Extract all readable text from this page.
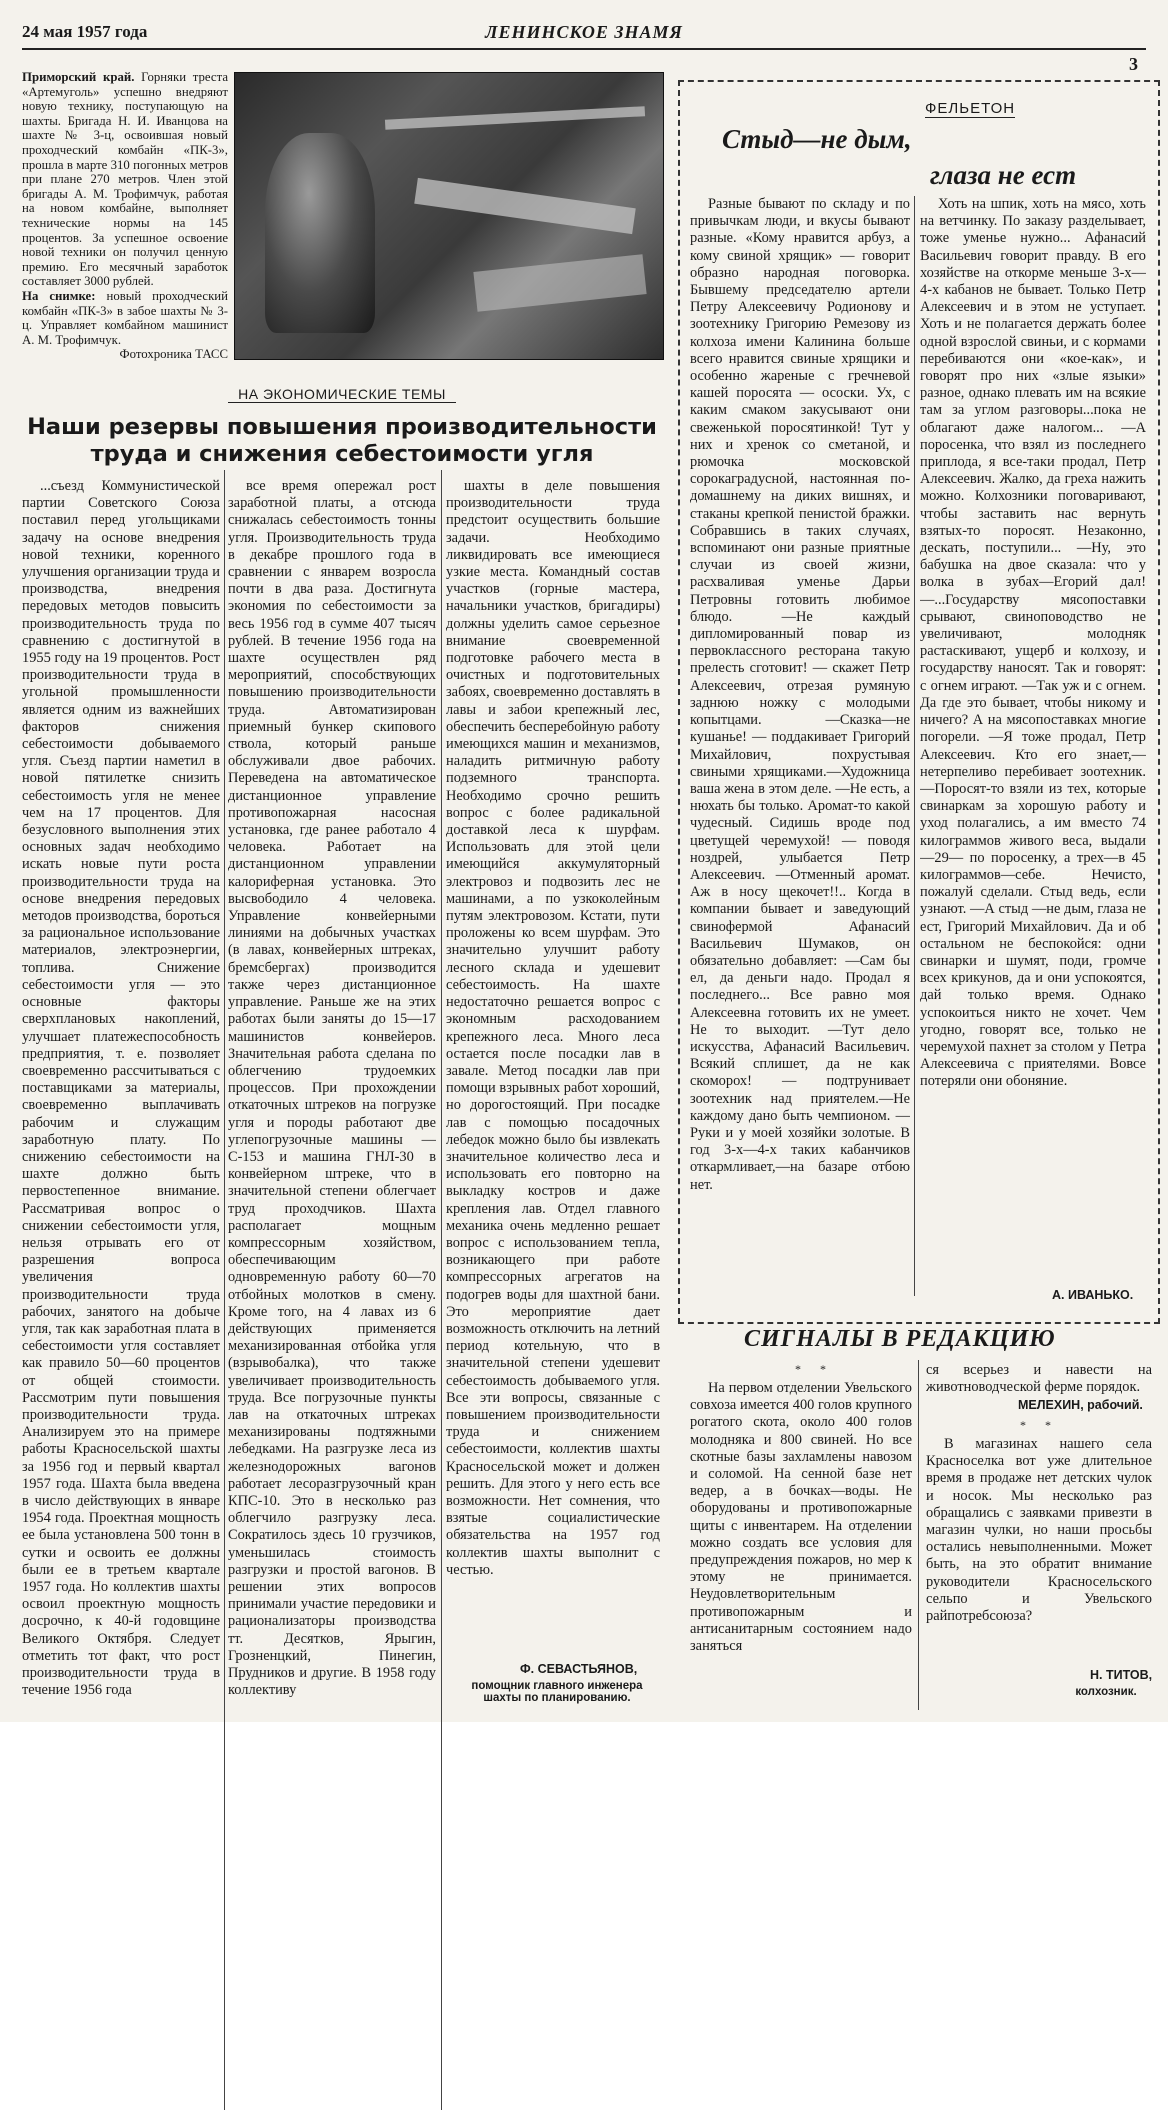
24 мая 1957 года	ЛЕНИНСКОЕ ЗНАМЯ
3
Приморский край. Горняки треста «Артемуголь» успешно внедряют новую технику, поступающую на шахты. Бригада Н. И. Иванцова на шахте № 3-ц, освоившая новый проходческий комбайн «ПК-3», прошла в марте 310 погонных метров при плане 270 метров. Член этой бригады А. М. Трофимчук, работая на новом комбайне, выполняет технические нормы на 145 процентов. За успешное освоение новой техники он получил ценную премию. Его месячный заработок составляет 3000 рублей.
На снимке: новый проходческий комбайн «ПК-3» в забое шахты № 3-ц. Управляет комбайном машинист А. М. Трофимчук.
Фотохроника ТАСС
НА ЭКОНОМИЧЕСКИЕ ТЕМЫ
Наши резервы повышения производительности
труда и снижения себестоимости угля

...съезд Коммунистической партии Советского Союза поставил перед угольщиками задачу на основе внедрения новой техники, коренного улучшения организации труда и производства, внедрения передовых методов повысить производительность труда по сравнению с достигнутой в 1955 году на 19 процентов. Рост производительности труда в угольной промышленности является одним из важнейших факторов снижения себестоимости добываемого угля. Съезд партии наметил в новой пятилетке снизить себестоимость угля не менее чем на 17 процентов. Для безусловного выполнения этих основных задач необходимо искать новые пути роста производительности труда на основе внедрения передовых методов производства, бороться за рациональное использование материалов, электроэнергии, топлива. Снижение себестоимости угля — это основные факторы сверхплановых накоплений, улучшает платежеспособность предприятия, т. е. позволяет своевременно рассчитываться с поставщиками за материалы, своевременно выплачивать рабочим и служащим заработную плату. По снижению себестоимости на шахте должно быть первостепенное внимание. Рассматривая вопрос о снижении себестоимости угля, нельзя отрывать его от разрешения вопроса увеличения производительности труда рабочих, занятого на добыче угля, так как заработная плата в себестоимости угля составляет как правило 50—60 процентов от общей стоимости. Рассмотрим пути повышения производительности труда. Анализируем это на примере работы Красносельской шахты за 1956 год и первый квартал 1957 года. Шахта была введена в число действующих в январе 1954 года. Проектная мощность ее была установлена 500 тонн в сутки и освоить ее должны были ее в третьем квартале 1957 года. Но коллектив шахты освоил проектную мощность досрочно, к 40-й годовщине Великого Октября. Следует отметить тот факт, что рост производительности труда в течение 1956 года

все время опережал рост заработной платы, а отсюда снижалась себестоимость тонны угля. Производительность труда в декабре прошлого года в сравнении с январем возросла почти в два раза. Достигнута экономия по себестоимости за весь 1956 год в сумме 407 тысяч рублей. В течение 1956 года на шахте осуществлен ряд мероприятий, способствующих повышению производительности труда. Автоматизирован приемный бункер скипового ствола, который раньше обслуживали двое рабочих. Переведена на автоматическое дистанционное управление противопожарная насосная установка, где ранее работало 4 человека. Работает на дистанционном управлении калориферная установка. Это высвободило 4 человека. Управление конвейерными линиями на добычных участках (в лавах, конвейерных штреках, бремсбергах) производится также через дистанционное управление. Раньше же на этих работах были заняты до 15—17 машинистов конвейеров. Значительная работа сделана по облегчению трудоемких процессов. При прохождении откаточных штреков на погрузке угля и породы работают две углепогрузочные машины — С-153 и машина ГНЛ-30 в конвейерном штреке, что в значительной степени облегчает труд проходчиков. Шахта располагает мощным компрессорным хозяйством, обеспечивающим одновременную работу 60—70 отбойных молотков в смену. Кроме того, на 4 лавах из 6 действующих применяется механизированная отбойка угля (взрывобалка), что также увеличивает производительность труда. Все погрузочные пункты лав на откаточных штреках механизированы подтяжными лебедками. На разгрузке леса из железнодорожных вагонов работает лесоразгрузочный кран КПС-10. Это в несколько раз облегчило разгрузку леса. Сократилось здесь 10 грузчиков, уменьшилась стоимость разгрузки и простой вагонов. В решении этих вопросов принимали участие передовики и рационализаторы производства тт. Десятков, Ярыгин, Грозненцкий, Пинегин, Прудников и другие. В 1958 году коллективу

шахты в деле повышения производительности труда предстоит осуществить большие задачи. Необходимо ликвидировать все имеющиеся узкие места. Командный состав участков (горные мастера, начальники участков, бригадиры) должны уделить самое серьезное внимание своевременной подготовке рабочего места в очистных и подготовительных забоях, своевременно доставлять в лавы и забои крепежный лес, обеспечить бесперебойную работу имеющихся машин и механизмов, наладить ритмичную работу подземного транспорта. Необходимо срочно решить вопрос с более радикальной доставкой леса к шурфам. Использовать для этой цели имеющийся аккумуляторный электровоз и подвозить лес не машинами, а по узкоколейным путям электровозом. Кстати, пути проложены ко всем шурфам. Это значительно улучшит работу лесного склада и удешевит себестоимость. На шахте недостаточно решается вопрос с экономным расходованием крепежного леса. Много леса остается после посадки лав в завале. Метод посадки лав при помощи взрывных работ хороший, но дорогостоящий. При посадке лав с помощью посадочных лебедок можно было бы извлекать значительное количество леса и использовать его повторно на выкладку костров и даже крепления лав. Отдел главного механика очень медленно решает вопрос с использованием тепла, возникающего при работе компрессорных агрегатов на подогрев воды для шахтной бани. Это мероприятие дает возможность отключить на летний период котельную, что в значительной степени удешевит себестоимость добываемого угля. Все эти вопросы, связанные с повышением производительности труда и снижением себестоимости, коллектив шахты Красносельской может и должен решить. Для этого у него есть все возможности. Нет сомнения, что взятые социалистические обязательства на 1957 год коллектив шахты выполнит с честью.

Ф. СЕВАСТЬЯНОВ,
помощник главного инженера
шахты по планированию.
ФЕЛЬЕТОН
Стыд—не дым,
глаза не ест

Разные бывают по складу и по привычкам люди, и вкусы бывают разные. «Кому нравится арбуз, а кому свиной хрящик» — говорит образно народная поговорка. Бывшему председателю артели Петру Алексеевичу Родионову и зоотехнику Григорию Ремезову из колхоза имени Калинина больше всего нравится свиные хрящики и особенно жареные с гречневой кашей поросята — ососки. Ух, с каким смаком закусывают они свеженькой поросятинкой! Тут у них и хренок со сметаной, и рюмочка московской сорокаградусной, настоянная по-домашнему на диких вишнях, и стаканы крепкой пенистой бражки. Собравшись в таких случаях, вспоминают они разные приятные случаи из своей жизни, расхваливая уменье Дарьи Петровны готовить любимое блюдо. —Не каждый дипломированный повар из первоклассного ресторана такую прелесть сготовит! — скажет Петр Алексеевич, отрезая румяную заднюю ножку с молодыми копытцами. —Сказка—не кушанье! — поддакивает Григорий Михайлович, похрустывая свиными хрящиками.—Художница ваша жена в этом деле. —Не есть, а нюхать бы только. Аромат-то какой чудесный. Сидишь вроде под цветущей черемухой! — поводя ноздрей, улыбается Петр Алексеевич. —Отменный аромат. Аж в носу щекочет!!.. Когда в компании бывает и заведующий свинофермой Афанасий Васильевич Шумаков, он обязательно добавляет: —Сам бы ел, да деньги надо. Продал я последнего... Все равно моя Алексеевна готовить их не умеет. Не то выходит. —Тут дело искусства, Афанасий Васильевич. Всякий сплишет, да не как скоморох! — подтрунивает зоотехник над приятелем.—Не каждому дано быть чемпионом. —Руки и у моей хозяйки золотые. В год 3-х—4-х таких кабанчиков откармливает,—на базаре отбою нет.

Хоть на шпик, хоть на мясо, хоть на ветчинку. По заказу разделывает, тоже уменье нужно... Афанасий Васильевич говорит правду. В его хозяйстве на откорме меньше 3-х—4-х кабанов не бывает. Только Петр Алексеевич и в этом не уступает. Хоть и не полагается держать более одной взрослой свиньи, и с кормами перебиваются они «кое-как», и говорят про них «злые языки» разное, однако плевать им на всякие там за углом разговоры...пока не облагают даже налогом... —А поросенка, что взял из последнего приплода, я все-таки продал, Петр Алексеевич. Жалко, да греха нажить можно. Колхозники поговаривают, чтобы заставить нас вернуть взятых-то поросят. Незаконно, дескать, поступили... —Ну, это бабушка на двое сказала: что у волка в зубах—Егорий дал! —...Государству мясопоставки срывают, свиноповодство не увеличивают, молодняк растаскивают, ущерб и колхозу, и государству наносят. Так и говорят: с огнем играют. —Так уж и с огнем. Да где это бывает, чтобы никому и ничего? А на мясопоставках многие погорели. —Я тоже продал, Петр Алексеевич. Кто его знает,— нетерпеливо перебивает зоотехник.—Поросят-то взяли из тех, которые свинаркам за хорошую работу и уход полагались, а им вместо 74 килограммов живого веса, выдали —29— по поросенку, а трех—в 45 килограммов—себе. Нечисто, пожалуй сделали. Стыд ведь, если узнают. —А стыд —не дым, глаза не ест, Григорий Михайлович. Да и об остальном не беспокойся: одни свинарки и шумят, поди, громче всех крикунов, да и они успокоятся, дай только время. Однако успокоиться никто не хочет. Чем угодно, говорят все, только не черемухой пахнет за столом у Петра Алексеевича с приятелями. Вовсе потеряли они обоняние.

А. ИВАНЬКО.
СИГНАЛЫ В РЕДАКЦИЮ
* *

На первом отделении Увельского совхоза имеется 400 голов крупного рогатого скота, около 400 голов молодняка и 800 свиней. Но все скотные базы захламлены навозом и соломой. На сенной базе нет ведер, а в бочках—воды. Не оборудованы и противопожарные щиты с инвентарем. На отделении можно создать все условия для предупреждения пожаров, но мер к этому не принимается. Неудовлетворительным противопожарным и антисанитарным состоянием надо заняться

ся всерьез и навести на животноводческой ферме порядок.

МЕЛЕХИН, рабочий.
* *

В магазинах нашего села Красноселка вот уже длительное время в продаже нет детских чулок и носок. Мы несколько раз обращались с заявками привезти в магазин чулки, но наши просьбы остались невыполненными. Может быть, на это обратит внимание руководители Красносельского сельпо и Увельского райпотребсоюза?

Н. ТИТОВ,
колхозник.
